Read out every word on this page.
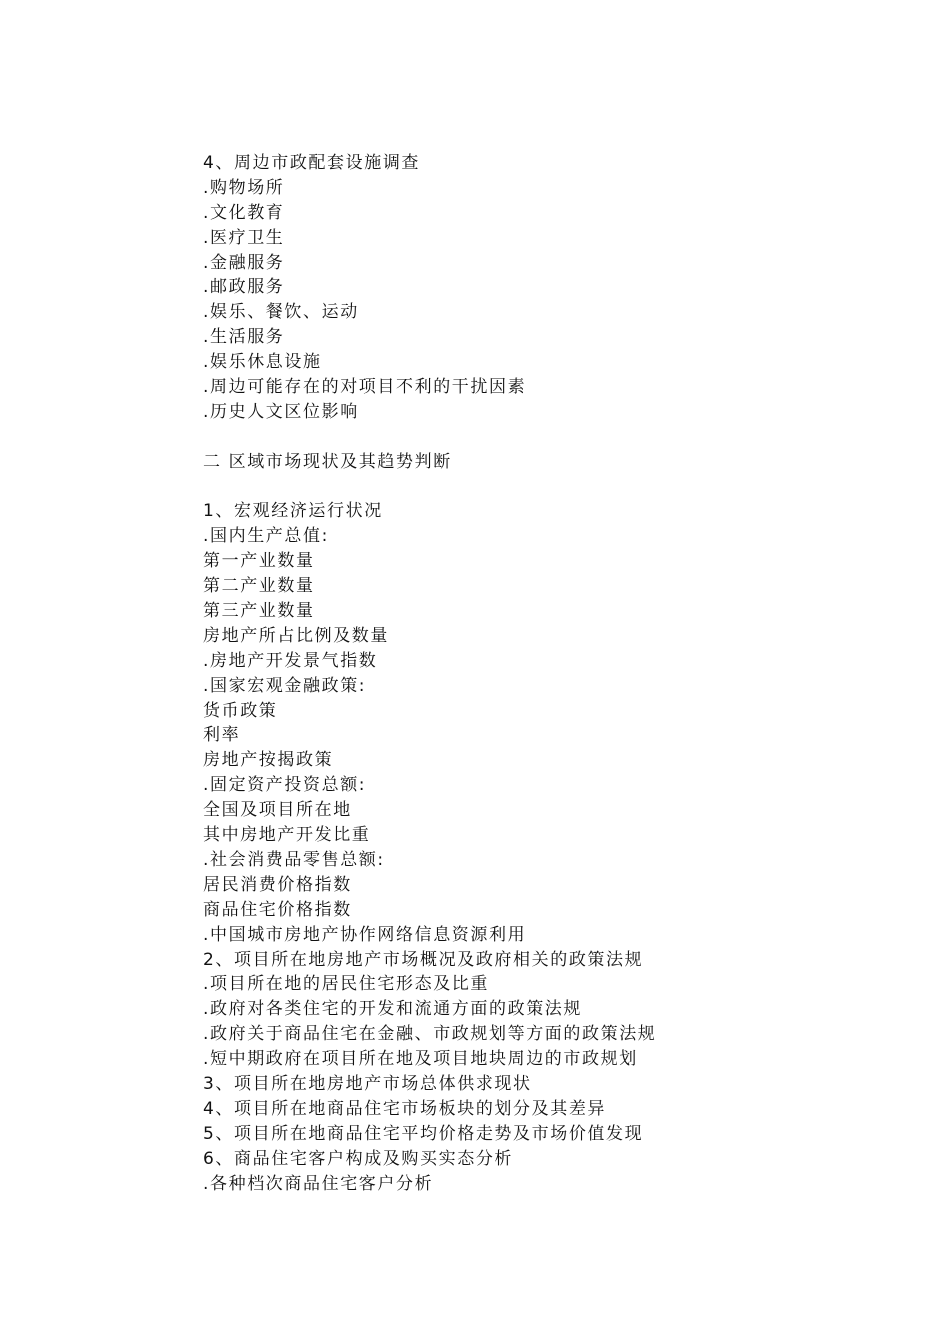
4、周边市政配套设施调查
.购物场所
.文化教育
.医疗卫生
.金融服务
.邮政服务
.娱乐、餐饮、运动
.生活服务
.娱乐休息设施
.周边可能存在的对项目不利的干扰因素
.历史人文区位影响
二 区域市场现状及其趋势判断
1、宏观经济运行状况
.国内生产总值:
第一产业数量
第二产业数量
第三产业数量
房地产所占比例及数量
.房地产开发景气指数
.国家宏观金融政策:
货币政策
利率
房地产按揭政策
.固定资产投资总额:
全国及项目所在地
其中房地产开发比重
.社会消费品零售总额:
居民消费价格指数
商品住宅价格指数
.中国城市房地产协作网络信息资源利用
2、项目所在地房地产市场概况及政府相关的政策法规
.项目所在地的居民住宅形态及比重
.政府对各类住宅的开发和流通方面的政策法规
.政府关于商品住宅在金融、市政规划等方面的政策法规
.短中期政府在项目所在地及项目地块周边的市政规划
3、项目所在地房地产市场总体供求现状
4、项目所在地商品住宅市场板块的划分及其差异
5、项目所在地商品住宅平均价格走势及市场价值发现
6、商品住宅客户构成及购买实态分析
.各种档次商品住宅客户分析
